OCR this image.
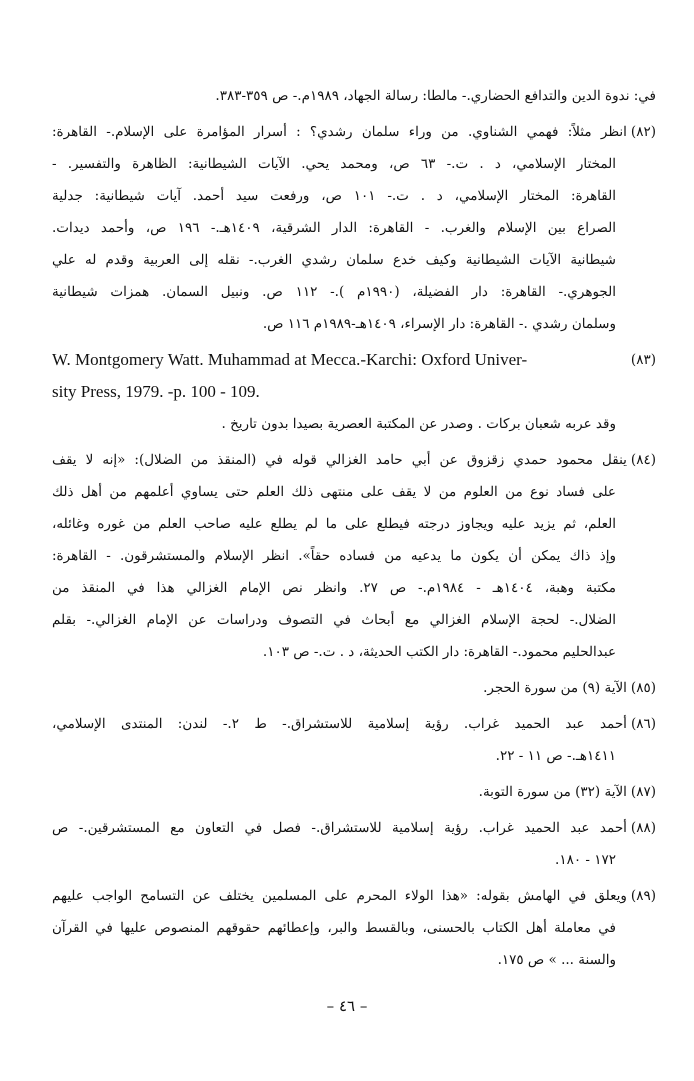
في: ندوة الدين والتدافع الحضاري.- مالطا: رسالة الجهاد، ١٩٨٩م.- ص ٣٥٩-٣٨٣.
(٨٢)انظر مثلاً: فهمي الشناوي. من وراء سلمان رشدي؟ : أسرار المؤامرة على الإسلام.- القاهرة:
المختار الإسلامي، د . ت.- ٦٣ ص، ومحمد يحي. الآيات الشيطانية: الظاهرة والتفسير. -
القاهرة: المختار الإسلامي، د . ت.- ١٠١ ص، ورفعت سيد أحمد. آيات شيطانية: جدلية
الصراع بين الإسلام والغرب. - القاهرة: الدار الشرقية، ١٤٠٩هـ.- ١٩٦ ص، وأحمد ديدات.
شيطانية الآيات الشيطانية وكيف خدع سلمان رشدي الغرب.- نقله إلى العربية وقدم له علي
الجوهري.- القاهرة: دار الفضيلة، (١٩٩٠م ).- ١١٢ ص. ونبيل السمان. همزات شيطانية
وسلمان رشدي .- القاهرة: دار الإسراء، ١٤٠٩هـ-١٩٨٩م ١١٦ ص.
W. Montgomery Watt. Muhammad at Mecca.-Karchi: Oxford Univer-	(٨٣)
sity Press, 1979. -p. 100 - 109.
وقد عربه شعبان بركات . وصدر عن المكتبة العصرية بصيدا بدون تاريخ .
(٨٤)ينقل محمود حمدي زقزوق عن أبي حامد الغزالي قوله في (المنقذ من الضلال): «إنه لا يقف
على فساد نوع من العلوم من لا يقف على منتهى ذلك العلم حتى يساوي أعلمهم من أهل ذلك
العلم، ثم يزيد عليه ويجاوز درجته فيطلع على ما لم يطلع عليه صاحب العلم من غوره وغائله،
وإذ ذاك يمكن أن يكون ما يدعيه من فساده حقاً». انظر الإسلام والمستشرقون. - القاهرة:
مكتبة وهبة، ١٤٠٤هـ - ١٩٨٤م.- ص ٢٧. وانظر نص الإمام الغزالي هذا في المنقذ من
الضلال.- لحجة الإسلام الغزالي مع أبحاث في التصوف ودراسات عن الإمام الغزالي.- بقلم
عبدالحليم محمود.- القاهرة: دار الكتب الحديثة، د . ت.- ص ١٠٣.
(٨٥)الآية (٩) من سورة الحجر.
(٨٦)أحمد عبد الحميد غراب. رؤية إسلامية للاستشراق.- ط ٢.- لندن: المنتدى الإسلامي،
١٤١١هـ.- ص ١١ - ٢٢.
(٨٧)الآية (٣٢) من سورة التوبة.
(٨٨)أحمد عبد الحميد غراب. رؤية إسلامية للاستشراق.- فصل في التعاون مع المستشرقين.- ص
١٧٢ - ١٨٠.
(٨٩)ويعلق في الهامش بقوله: «هذا الولاء المحرم على المسلمين يختلف عن التسامح الواجب عليهم
في معاملة أهل الكتاب بالحسنى، وبالقسط والبر، وإعطائهم حقوقهم المنصوص عليها في القرآن
والسنة ... » ص ١٧٥.
– ٤٦ –
